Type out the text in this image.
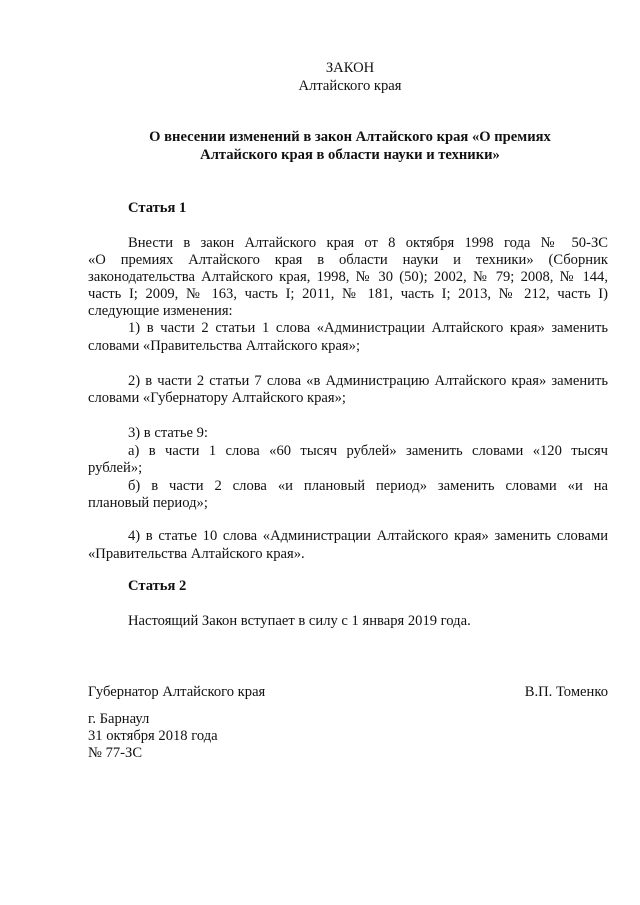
ЗАКОН
Алтайского края
О внесении изменений в закон Алтайского края «О премиях
Алтайского края в области науки и техники»
Статья 1
Внести в закон Алтайского края от 8 октября 1998 года № 50-ЗС
«О премиях Алтайского края в области науки и техники» (Сборник
законодательства Алтайского края, 1998, № 30 (50); 2002, № 79; 2008, № 144,
часть I; 2009, № 163, часть I; 2011, № 181, часть I; 2013, № 212, часть I)
следующие изменения:
1) в части 2 статьи 1 слова «Администрации Алтайского края» заменить
словами «Правительства Алтайского края»;
2) в части 2 статьи 7 слова «в Администрацию Алтайского края» заменить
словами «Губернатору Алтайского края»;
3) в статье 9:
а) в части 1 слова «60 тысяч рублей» заменить словами «120 тысяч
рублей»;
б) в части 2 слова «и плановый период» заменить словами «и на
плановый период»;
4) в статье 10 слова «Администрации Алтайского края» заменить словами
«Правительства Алтайского края».
Статья 2
Настоящий Закон вступает в силу с 1 января 2019 года.
Губернатор Алтайского края	В.П. Томенко
г. Барнаул
31 октября 2018 года
№ 77-ЗС
